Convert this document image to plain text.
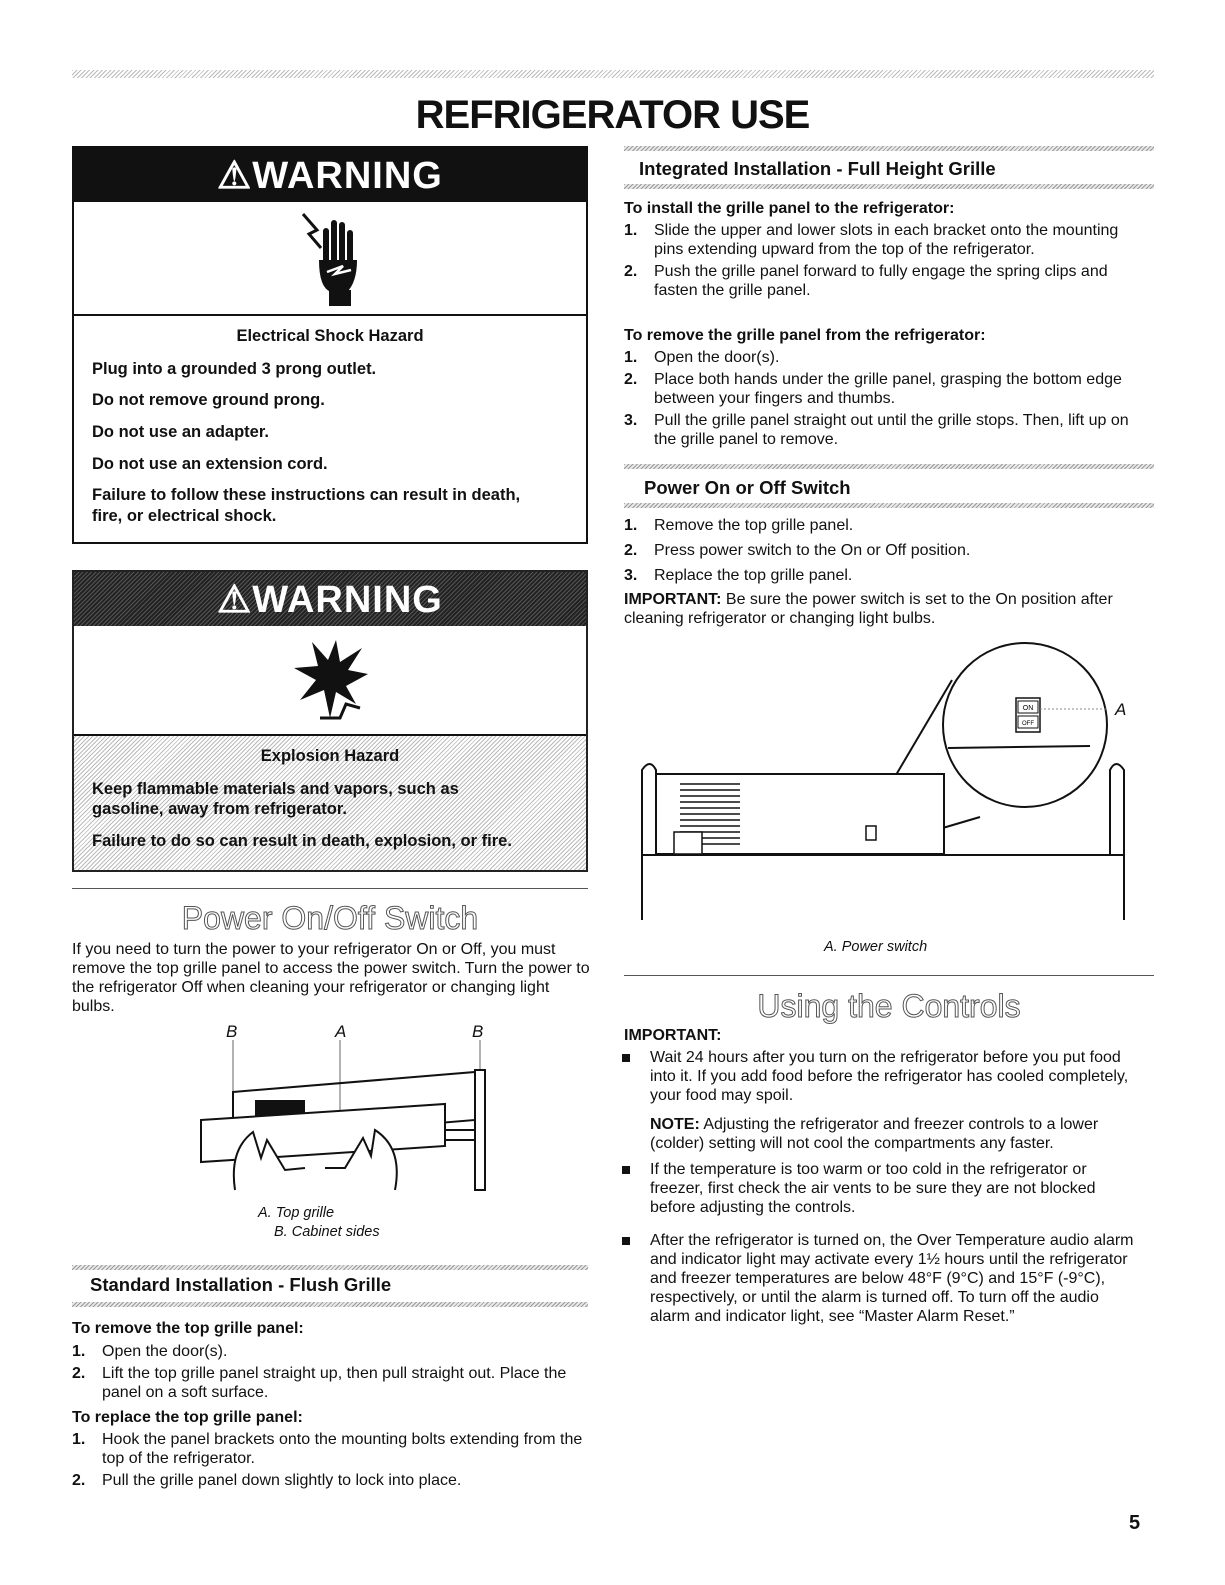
REFRIGERATOR USE
⚠WARNING

Electrical Shock Hazard

Plug into a grounded 3 prong outlet.

Do not remove ground prong.

Do not use an adapter.

Do not use an extension cord.

Failure to follow these instructions can result in death, fire, or electrical shock.

⚠WARNING

Explosion Hazard

Keep flammable materials and vapors, such as gasoline, away from refrigerator.

Failure to do so can result in death, explosion, or fire.

Power On/Off Switch
If you need to turn the power to your refrigerator On or Off, you must remove the top grille panel to access the power switch. Turn the power to the refrigerator Off when cleaning your refrigerator or changing light bulbs.
B	A	B
A. Top grille
B. Cabinet sides
Standard Installation - Flush Grille
To remove the top grille panel:
1. Open the door(s).
2. Lift the top grille panel straight up, then pull straight out. Place the panel on a soft surface.
To replace the top grille panel:
1. Hook the panel brackets onto the mounting bolts extending from the top of the refrigerator.
2. Pull the grille panel down slightly to lock into place.
Integrated Installation - Full Height Grille
To install the grille panel to the refrigerator:
1. Slide the upper and lower slots in each bracket onto the mounting pins extending upward from the top of the refrigerator.
2. Push the grille panel forward to fully engage the spring clips and fasten the grille panel.
To remove the grille panel from the refrigerator:
1. Open the door(s).
2. Place both hands under the grille panel, grasping the bottom edge between your fingers and thumbs.
3. Pull the grille panel straight out until the grille stops. Then, lift up on the grille panel to remove.
Power On or Off Switch
1. Remove the top grille panel.
2. Press power switch to the On or Off position.
3. Replace the top grille panel.
IMPORTANT: Be sure the power switch is set to the On position after cleaning refrigerator or changing light bulbs.
ON
OFF
A
A. Power switch
Using the Controls
IMPORTANT:
Wait 24 hours after you turn on the refrigerator before you put food into it. If you add food before the refrigerator has cooled completely, your food may spoil.
NOTE: Adjusting the refrigerator and freezer controls to a lower (colder) setting will not cool the compartments any faster.
If the temperature is too warm or too cold in the refrigerator or freezer, first check the air vents to be sure they are not blocked before adjusting the controls.
After the refrigerator is turned on, the Over Temperature audio alarm and indicator light may activate every 1½ hours until the refrigerator and freezer temperatures are below 48°F (9°C) and 15°F (-9°C), respectively, or until the alarm is turned off. To turn off the audio alarm and indicator light, see “Master Alarm Reset.”
5
